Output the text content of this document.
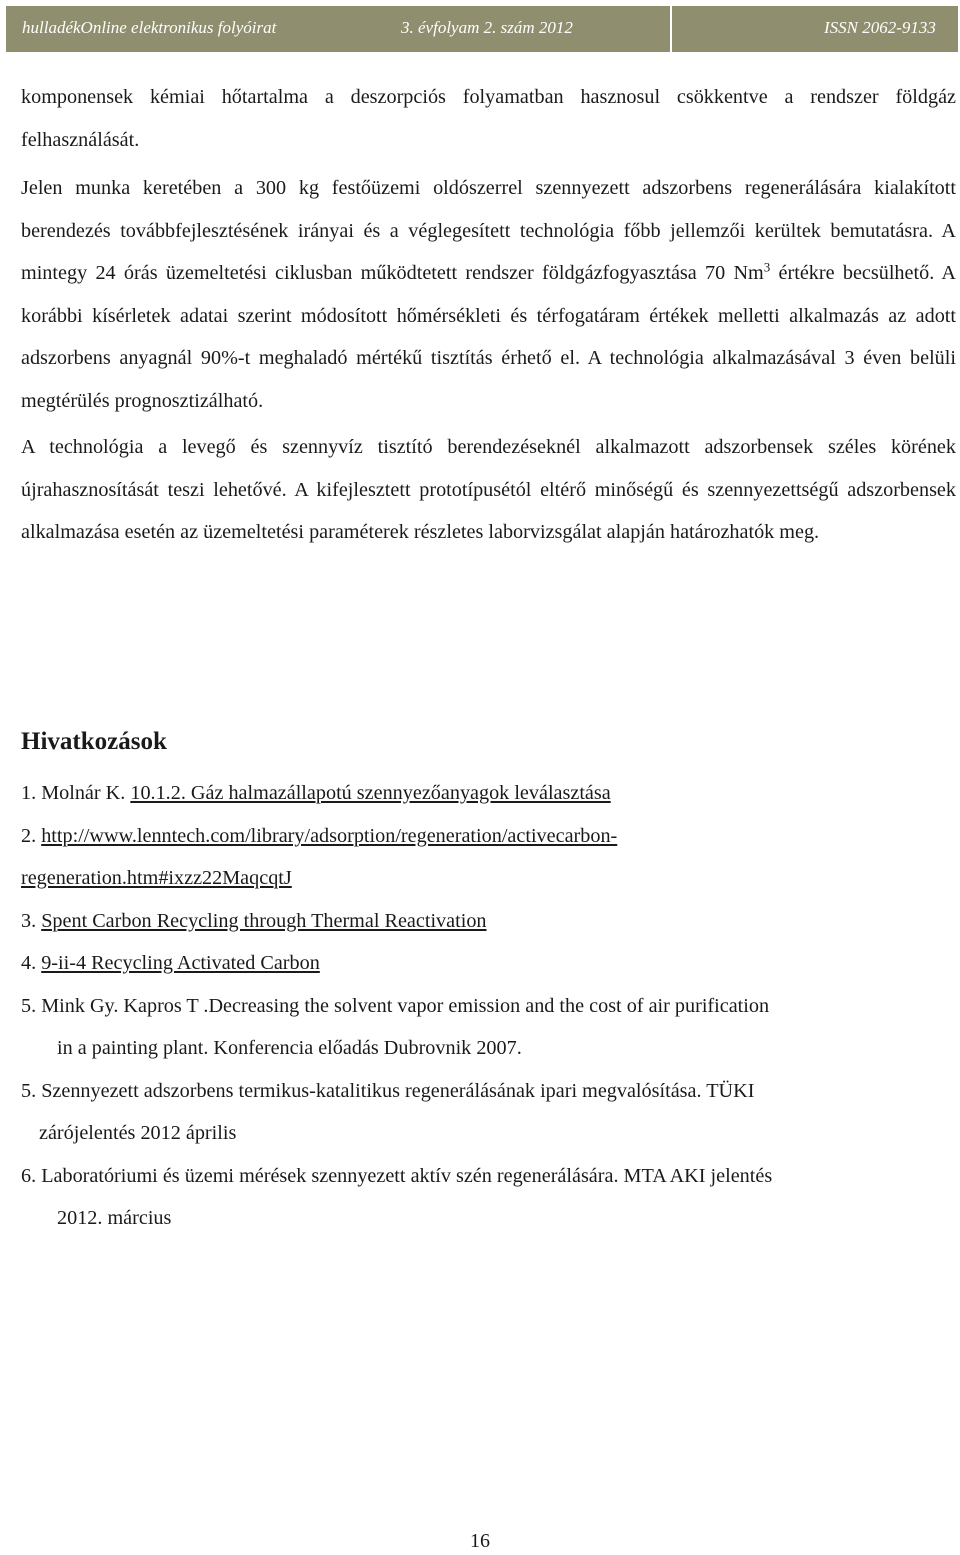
hulladékOnline elektronikus folyóirat	3. évfolyam 2. szám 2012	ISSN 2062-9133

komponensek kémiai hőtartalma a deszorpciós folyamatban hasznosul csökkentve a rendszer földgáz felhasználását.

Jelen munka keretében a 300 kg festőüzemi oldószerrel szennyezett adszorbens regenerálására kialakított berendezés továbbfejlesztésének irányai és a véglegesített technológia főbb jellemzői kerültek bemutatásra. A mintegy 24 órás üzemeltetési ciklusban működtetett rendszer földgázfogyasztása 70 Nm$^3$ értékre becsülhető. A korábbi kísérletek adatai szerint módosított hőmérsékleti és térfogatáram értékek melletti alkalmazás az adott adszorbens anyagnál 90%-t meghaladó mértékű tisztítás érhető el. A technológia alkalmazásával 3 éven belüli megtérülés prognosztizálható.

A technológia a levegő és szennyvíz tisztító berendezéseknél alkalmazott adszorbensek széles körének újrahasznosítását teszi lehetővé. A kifejlesztett prototípusétól eltérő minőségű és szennyezettségű adszorbensek alkalmazása esetén az üzemeltetési paraméterek részletes laborvizsgálat alapján határozhatók meg.

Hivatkozások

1. Molnár K. 10.1.2. Gáz halmazállapotú szennyezőanyagok leválasztása

2. http://www.lenntech.com/library/adsorption/regeneration/activecarbon-

regeneration.htm#ixzz22MaqcqtJ

3. Spent Carbon Recycling through Thermal Reactivation

4. 9-ii-4 Recycling Activated Carbon

5. Mink Gy. Kapros T .Decreasing the solvent vapor emission and the cost of air purification

in a painting plant. Konferencia előadás Dubrovnik 2007.

5. Szennyezett adszorbens termikus-katalitikus regenerálásának ipari megvalósítása. TÜKI

zárójelentés 2012 április

6. Laboratóriumi és üzemi mérések szennyezett aktív szén regenerálására. MTA AKI jelentés

2012. március

16
